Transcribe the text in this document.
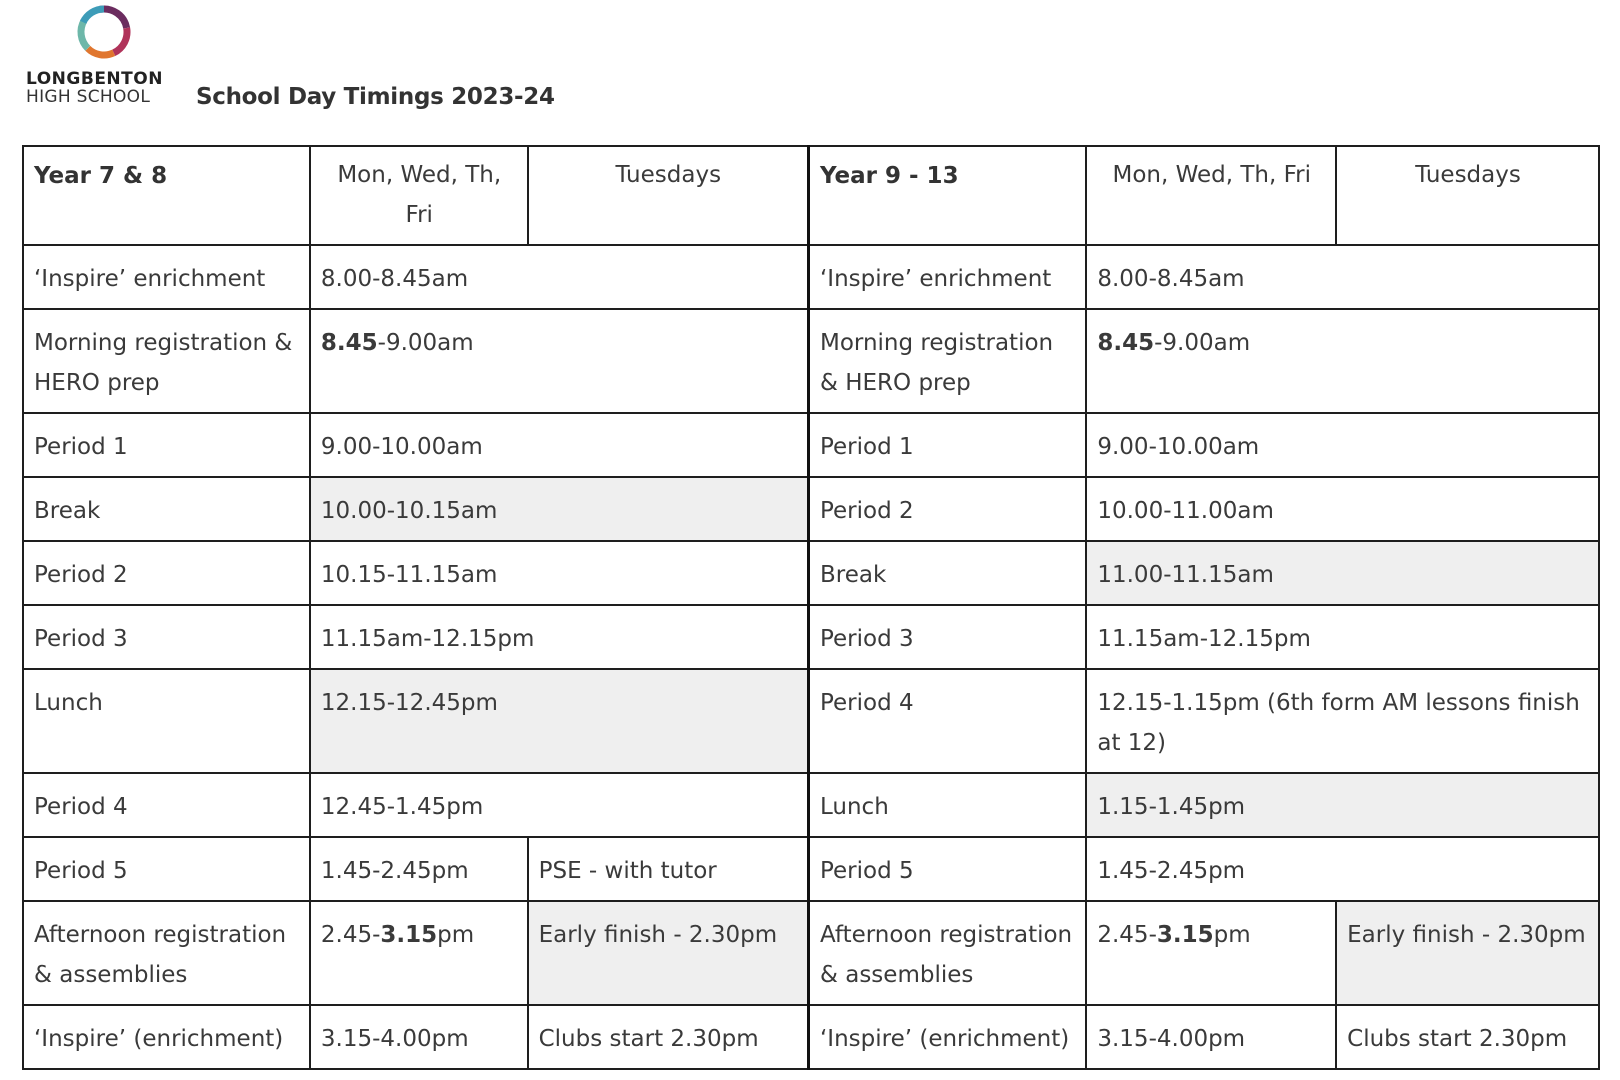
LONGBENTON
HIGH SCHOOL	School Day Timings 2023-24
Year 7 & 8	Mon, Wed, Th, Fri	Tuesdays	Year 9 - 13	Mon, Wed, Th, Fri	Tuesdays
‘Inspire’ enrichment	8.00-8.45am		‘Inspire’ enrichment	8.00-8.45am	
Morning registration & HERO prep	8.45-9.00am		Morning registration & HERO prep	8.45-9.00am	
Period 1	9.00-10.00am		Period 1	9.00-10.00am	
Break	10.00-10.15am		Period 2	10.00-11.00am	
Period 2	10.15-11.15am		Break	11.00-11.15am	
Period 3	11.15am-12.15pm		Period 3	11.15am-12.15pm	
Lunch	12.15-12.45pm		Period 4	12.15-1.15pm (6th form AM lessons finish at 12)	
Period 4	12.45-1.45pm		Lunch	1.15-1.45pm	
Period 5	1.45-2.45pm	PSE - with tutor	Period 5	1.45-2.45pm	
Afternoon registration & assemblies	2.45-3.15pm	Early finish - 2.30pm	Afternoon registration & assemblies	2.45-3.15pm	Early finish - 2.30pm
‘Inspire’ (enrichment)	3.15-4.00pm	Clubs start 2.30pm	‘Inspire’ (enrichment)	3.15-4.00pm	Clubs start 2.30pm
